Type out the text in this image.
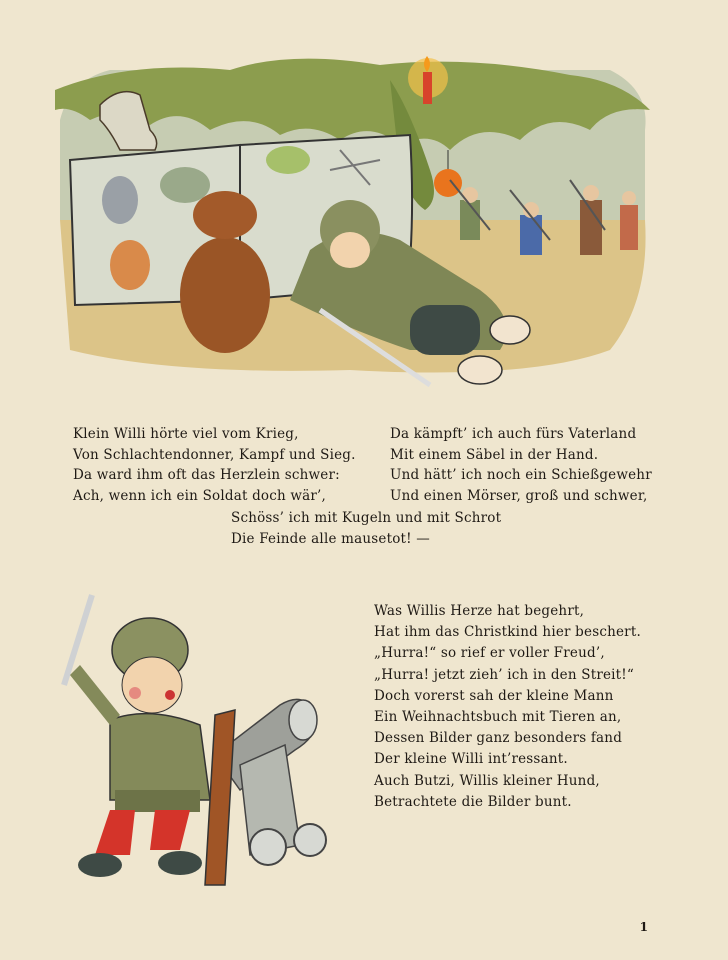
Klein Willi hörte viel vom Krieg,
Von Schlachtendonner, Kampf und Sieg.
Da ward ihm oft das Herzlein schwer:
Ach, wenn ich ein Soldat doch wär’,
Da kämpft’ ich auch fürs Vaterland
Mit einem Säbel in der Hand.
Und hätt’ ich noch ein Schießgewehr
Und einen Mörser, groß und schwer,
Schöss’ ich mit Kugeln und mit Schrot
Die Feinde alle mausetot! —
Was Willis Herze hat begehrt,
Hat ihm das Christkind hier beschert.
„Hurra!“ so rief er voller Freud’,
„Hurra! jetzt zieh’ ich in den Streit!“
Doch vorerst sah der kleine Mann
Ein Weihnachtsbuch mit Tieren an,
Dessen Bilder ganz besonders fand
Der kleine Willi int’ressant.
Auch Butzi, Willis kleiner Hund,
Betrachtete die Bilder bunt.
1
